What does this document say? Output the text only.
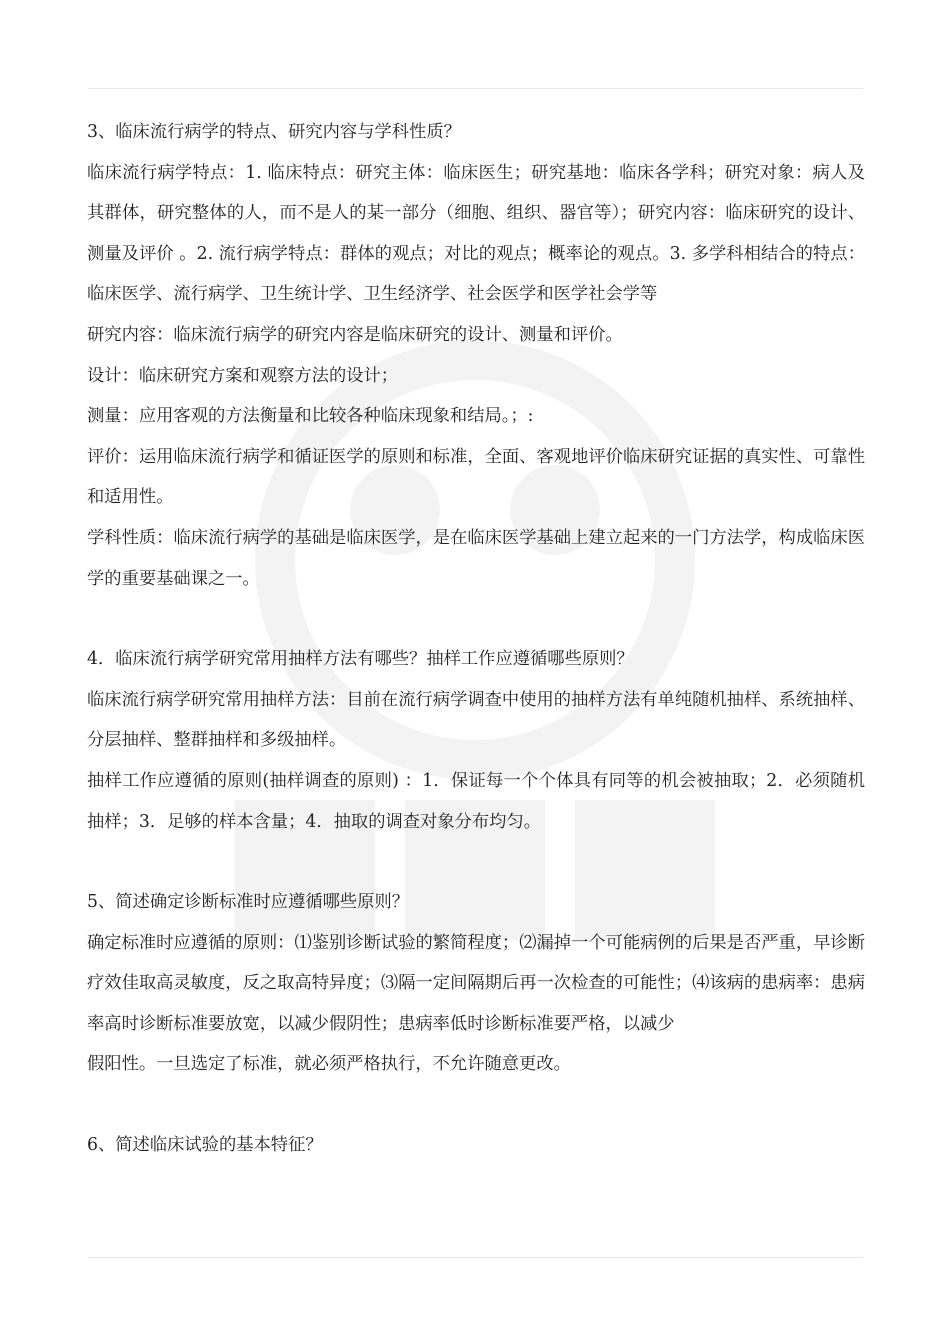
3、临床流行病学的特点、研究内容与学科性质？

临床流行病学特点：1. 临床特点：研究主体：临床医生；研究基地：临床各学科；研究对象：病人及其群体，研究整体的人，而不是人的某一部分（细胞、组织、器官等）；研究内容：临床研究的设计、测量及评价 。2. 流行病学特点：群体的观点；对比的观点；概率论的观点。3. 多学科相结合的特点：临床医学、流行病学、卫生统计学、卫生经济学、社会医学和医学社会学等

研究内容：临床流行病学的研究内容是临床研究的设计、测量和评价。

设计：临床研究方案和观察方法的设计；

测量：应用客观的方法衡量和比较各种临床现象和结局。；:

评价：运用临床流行病学和循证医学的原则和标准，全面、客观地评价临床研究证据的真实性、可靠性和适用性。

学科性质：临床流行病学的基础是临床医学，是在临床医学基础上建立起来的一门方法学，构成临床医学的重要基础课之一。

4．临床流行病学研究常用抽样方法有哪些？抽样工作应遵循哪些原则？

临床流行病学研究常用抽样方法：目前在流行病学调查中使用的抽样方法有单纯随机抽样、系统抽样、分层抽样、整群抽样和多级抽样。

抽样工作应遵循的原则(抽样调查的原则) ：1．保证每一个个体具有同等的机会被抽取；2．必须随机抽样；3．足够的样本含量；4．抽取的调查对象分布均匀。

5、简述确定诊断标准时应遵循哪些原则？

确定标准时应遵循的原则：⑴鉴别诊断试验的繁简程度；⑵漏掉一个可能病例的后果是否严重，早诊断疗效佳取高灵敏度，反之取高特异度；⑶隔一定间隔期后再一次检查的可能性；⑷该病的患病率：患病率高时诊断标准要放宽，以减少假阴性；患病率低时诊断标准要严格，以减少

假阳性。一旦选定了标准，就必须严格执行，不允许随意更改。

6、简述临床试验的基本特征？
